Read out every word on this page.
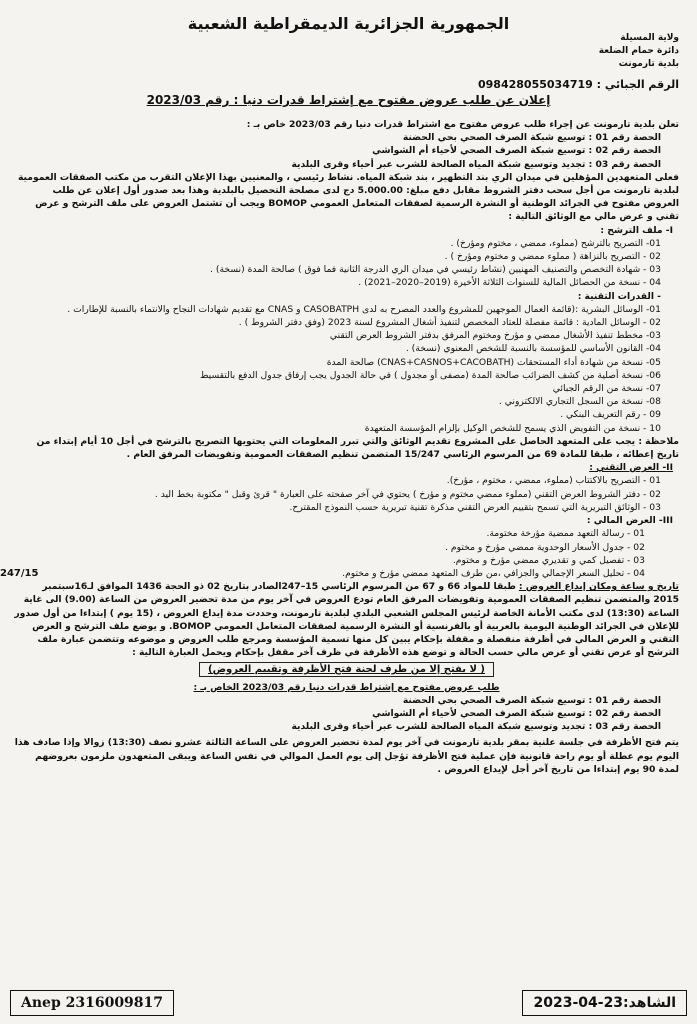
الجمهورية الجزائرية الديمقراطية الشعبية
ولاية المسيلة
دائرة حمام الضلعة
بلدية تارمونت
الرقم الجبائي : 098428055034719
إعلان عن طلب عروض مفتوح مع إشتراط قدرات دنيا : رقم 2023/03

تعلن بلدية تارمونت عن إجراء طلب عروض مفتوح مع اشتراط قدرات دنيا رقم 2023/03 خاص بـ :

الحصة رقم 01 : توسيع شبكة الصرف الصحي بحي الحضنة

الحصة رقم 02 : توسيع شبكة الصرف الصحي لأحياء أم الشواشي

الحصة رقم 03 : تجديد وتوسيع شبكة المياه الصالحة للشرب عبر أحياء وقرى البلدية

فعلى المتعهدين المؤهلين في ميدان الري بند التطهير ، بند شبكة المياه. نشاط رئيسي ، والمعنيين بهذا الإعلان التقرب من مكتب الصفقات العمومية لبلدية تارمونت من أجل سحب دفتر الشروط مقابل دفع مبلغ: 5.000.00 دج لدى مصلحة التحصيل بالبلدية وهذا بعد صدور أول إعلان عن طلب العروض مفتوح في الجرائد الوطنية أو النشرة الرسمية لصفقات المتعامل العمومي BOMOP ويجب أن تشتمل العروض على ملف الترشح و عرض تقني و عرض مالي مع الوثائق التالية :

I- ملف الترشح :

01- التصريح بالترشح (مملوء، ممضي ، مختوم ومؤرخ) .

02 - التصريح بالنزاهة ( مملوء ممضي و مختوم ومؤرخ ) .

03 - شهادة التخصص والتصنيف المهنيين (نشاط رئيسي في ميدان الري الدرجة الثانية فما فوق ) صالحة المدة (نسخة) .

04 - نسخة من الحصائل المالية للسنوات الثلاثة الأخيرة (2019–2020–2021) .

- القدرات التقنية :

01- الوسائل البشرية :(قائمة العمال الموجهين للمشروع والعدد المصرح به لدى CASOBATPH و CNAS مع تقديم شهادات النجاح والانتماء بالنسبة للإطارات .

02 - الوسائل المادية : قائمة مفصلة للعتاد المخصص لتنفيذ أشغال المشروع لسنة 2023 (وفق دفتر الشروط ) .

03- مخطط تنفيذ الأشغال ممضي و مؤرخ ومختوم المرفق بدفتر الشروط العرض التقني

04- القانون الأساسي للمؤسسة بالنسبة للشخص المعنوي (نسخة) .

05- نسخة من شهادة أداء المستحقات (CNAS+CASNOS+CACOBATH) صالحة المدة

06- نسخة أصلية من كشف الضرائب صالحة المدة (مصفى أو مجدول ) في حالة الجدول يجب إرفاق جدول الدفع بالتقسيط

07- نسخة من الرقم الجبائي

08- نسخة من السجل التجاري الالكتروني .

09 - رقم التعريف البنكي .

10 - نسخة من التفويض الذي يسمح للشخص الوكيل بإلزام المؤسسة المتعهدة

ملاحظة : يجب على المتعهد الحاصل على المشروع تقديم الوثائق والتي تبرر المعلومات التي يحتويها التصريح بالترشح في أجل 10 أيام إبتداء من تاريخ إعطائه ، طبقا للمادة 69 من المرسوم الرئاسي 15/247 المتضمن تنظيم الصفقات العمومية وتفويضات المرفق العام .

II- العرض التقني :

01 - التصريح بالاكتتاب (مملوء، ممضي ، مختوم ، مؤرخ).

02 - دفتر الشروط العرض التقني (مملوء ممضي مختوم و مؤرخ ) يحتوي في آخر صفحته على العبارة " قرئ وقبل " مكتوبة بخط اليد .

03 - الوثائق التبريرية التي تسمح بتقييم العرض التقني مذكرة تقنية تبريرية حسب النموذج المقترح.

III- العرض المالي :

01 - رسالة التعهد ممضية مؤرخة مختومة.

02 - جدول الأسعار الوحدوية ممضي مؤرخ و مختوم .

03 - تفصيل كمي و تقديري ممضي مؤرخ و مختوم.

04 - تحليل السعر الإجمالي والجزافي ،من طرف المتعهد ممضي مؤرخ و مختوم.

تاريخ و ساعة ومكان إيداع العروض : طبقا للمواد 66 و 67 من المرسوم الرئاسي 15–247الصادر بتاريخ 02 ذو الحجة 1436 الموافق لـ16سبتمبر 2015 والمتضمن تنظيم الصفقات العمومية وتفويضات المرفق العام تودع العروض في آخر يوم من مدة تحضير العروض من الساعة (9.00) الى غاية الساعة (13:30) لدى مكتب الأمانة الخاصة لرئيس المجلس الشعبي البلدي لبلدية تارمونت، وحددت مدة إيداع العروض ، (15 يوم ) إبتداءا من أول صدور للإعلان في الجرائد الوطنية اليومية بالعربية أو بالفرنسية أو النشرة الرسمية لصفقات المتعامل العمومي BOMOP. و يوضع ملف الترشح و العرض التقني و العرض المالي في أظرفة منفصلة و مقفلة بإحكام يبين كل منها تسمية المؤسسة ومرجع طلب العروض و موضوعه وتتضمن عبارة ملف الترشح أو عرض تقني أو عرض مالي حسب الحالة و توضع هذه الأظرفة في ظرف آخر مقفل بإحكام ويحمل العبارة التالية :

( لا يفتح إلا من طرف لجنة فتح الأظرفة وتقييم العروض)

طلب عروض مفتوح مع إشتراط قدرات دنيا رقم 2023/03 الخاص بـ :

الحصة رقم 01 : توسيع شبكة الصرف الصحي بحي الحضنة

الحصة رقم 02 : توسيع شبكة الصرف الصحي لأحياء أم الشواشي

الحصة رقم 03 : تجديد وتوسيع شبكة المياه الصالحة للشرب عبر أحياء وقرى البلدية

يتم فتح الأظرفة في جلسة علنية بمقر بلدية تارمونت في آخر يوم لمدة تحضير العروض على الساعة الثالثة عشرو نصف (13:30) زوالا وإذا صادف هذا اليوم يوم عطلة أو يوم راحة قانونية فإن عملية فتح الأظرفة تؤجل إلى يوم العمل الموالي في نفس الساعة ويبقى المتعهدون ملزمون بعروضهم لمدة 90 يوم إبتداءا من تاريخ آخر أجل لإيداع العروض .

247/15
Anep 2316009817	الشاهد:23-04-2023
